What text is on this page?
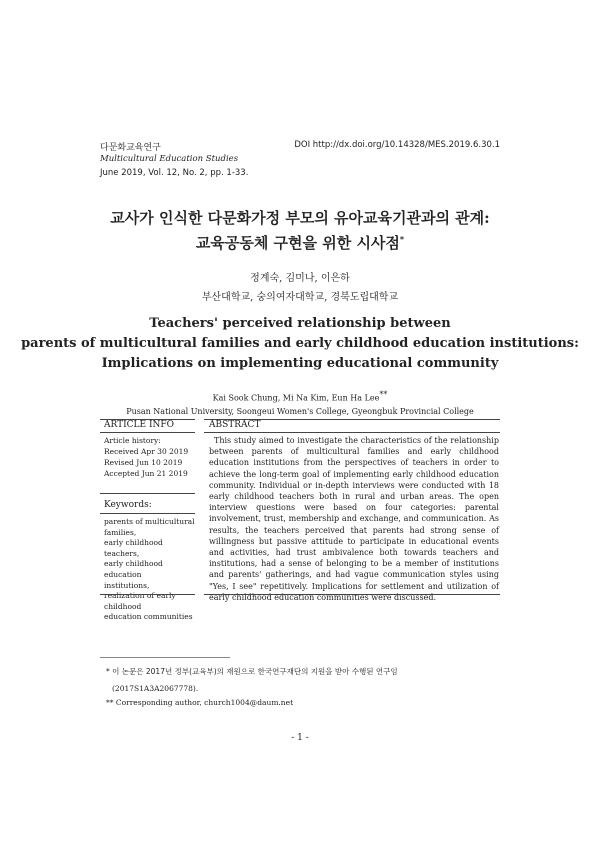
다문화교육연구
Multicultural Education Studies
June 2019, Vol. 12, No. 2, pp. 1-33.
DOI http://dx.doi.org/10.14328/MES.2019.6.30.1
교사가 인식한 다문화가정 부모의 유아교육기관과의 관계:
교육공동체 구현을 위한 시사점*
정계숙, 김미나, 이은하
부산대학교, 숭의여자대학교, 경북도립대학교
Teachers' perceived relationship between
parents of multicultural families and early childhood education institutions:
Implications on implementing educational community
Kai Sook Chung, Mi Na Kim, Eun Ha Lee**
Pusan National University, Soongeui Women's College, Gyeongbuk Provincial College
ARTICLE INFO	ABSTRACT
Article history:
Received Apr 30 2019
Revised Jun 10 2019
Accepted Jun 21 2019
Keywords:
parents of multicultural
families,
early childhood teachers,
early childhood education
institutions,
realization of early childhood
education communities
This study aimed to investigate the characteristics of the relationship between parents of multicultural families and early childhood education institutions from the perspectives of teachers in order to achieve the long-term goal of implementing early childhood education community. Individual or in-depth interviews were conducted with 18 early childhood teachers both in rural and urban areas. The open interview questions were based on four categories: parental involvement, trust, membership and exchange, and communication. As results, the teachers perceived that parents had strong sense of willingness but passive attitude to participate in educational events and activities, had trust ambivalence both towards teachers and institutions, had a sense of belonging to be a member of institutions and parents' gatherings, and had vague communication styles using "Yes, I see" repetitively. Implications for settlement and utilization of early childhood education communities were discussed.
* 이 논문은 2017년 정부(교육부)의 재원으로 한국연구재단의 지원을 받아 수행된 연구임
(2017S1A3A2067778).
** Corresponding author, church1004@daum.net
- 1 -
